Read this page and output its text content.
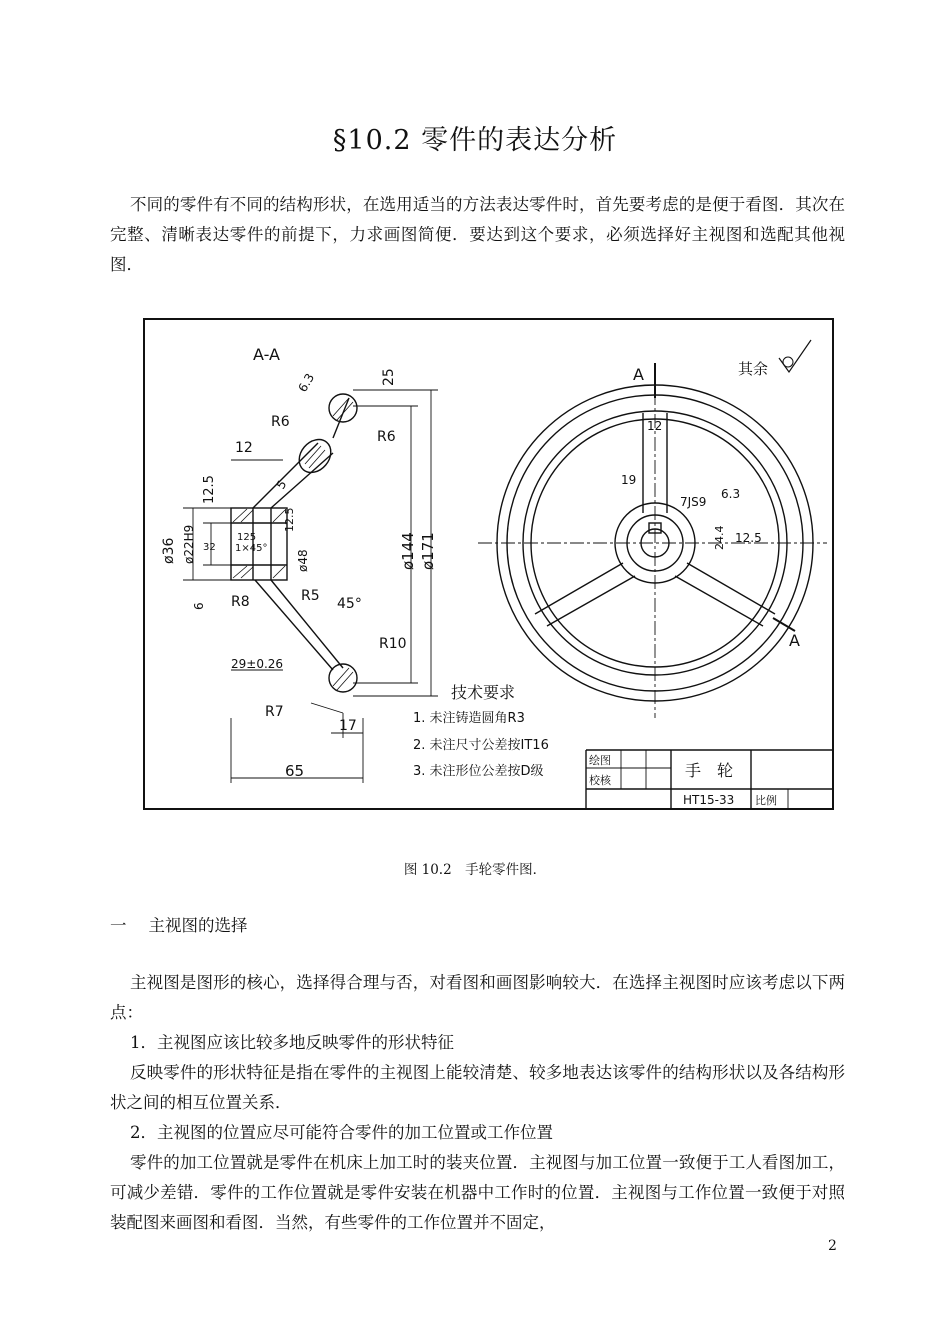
§10.2 零件的表达分析

不同的零件有不同的结构形状，在选用适当的方法表达零件时，首先要考虑的是便于看图．其次在完整、清晰表达零件的前提下，力求画图简便．要达到这个要求，必须选择好主视图和选配其他视图．

A-A
A
A
其余
25
6.3
R6
R6
12
12.5	5
ø36 ø22H9 32
12.5
125
1×45°
ø48	ø144 ø171
6 R8	R5 45°
R10
29±0.26
R7
17
65
12
19
7JS9
6.3
24.4 12.5
技术要求
1. 未注铸造圆角R3
2. 未注尺寸公差按IT16
3. 未注形位公差按D级
绘图
校核
手　轮
HT15-33 比例
图 10.2　手轮零件图．
一 主视图的选择

主视图是图形的核心，选择得合理与否，对看图和画图影响较大．在选择主视图时应该考虑以下两点：

1．主视图应该比较多地反映零件的形状特征

反映零件的形状特征是指在零件的主视图上能较清楚、较多地表达该零件的结构形状以及各结构形状之间的相互位置关系．

2．主视图的位置应尽可能符合零件的加工位置或工作位置

零件的加工位置就是零件在机床上加工时的装夹位置．主视图与加工位置一致便于工人看图加工，可减少差错．零件的工作位置就是零件安装在机器中工作时的位置．主视图与工作位置一致便于对照装配图来画图和看图．当然，有些零件的工作位置并不固定，

2
